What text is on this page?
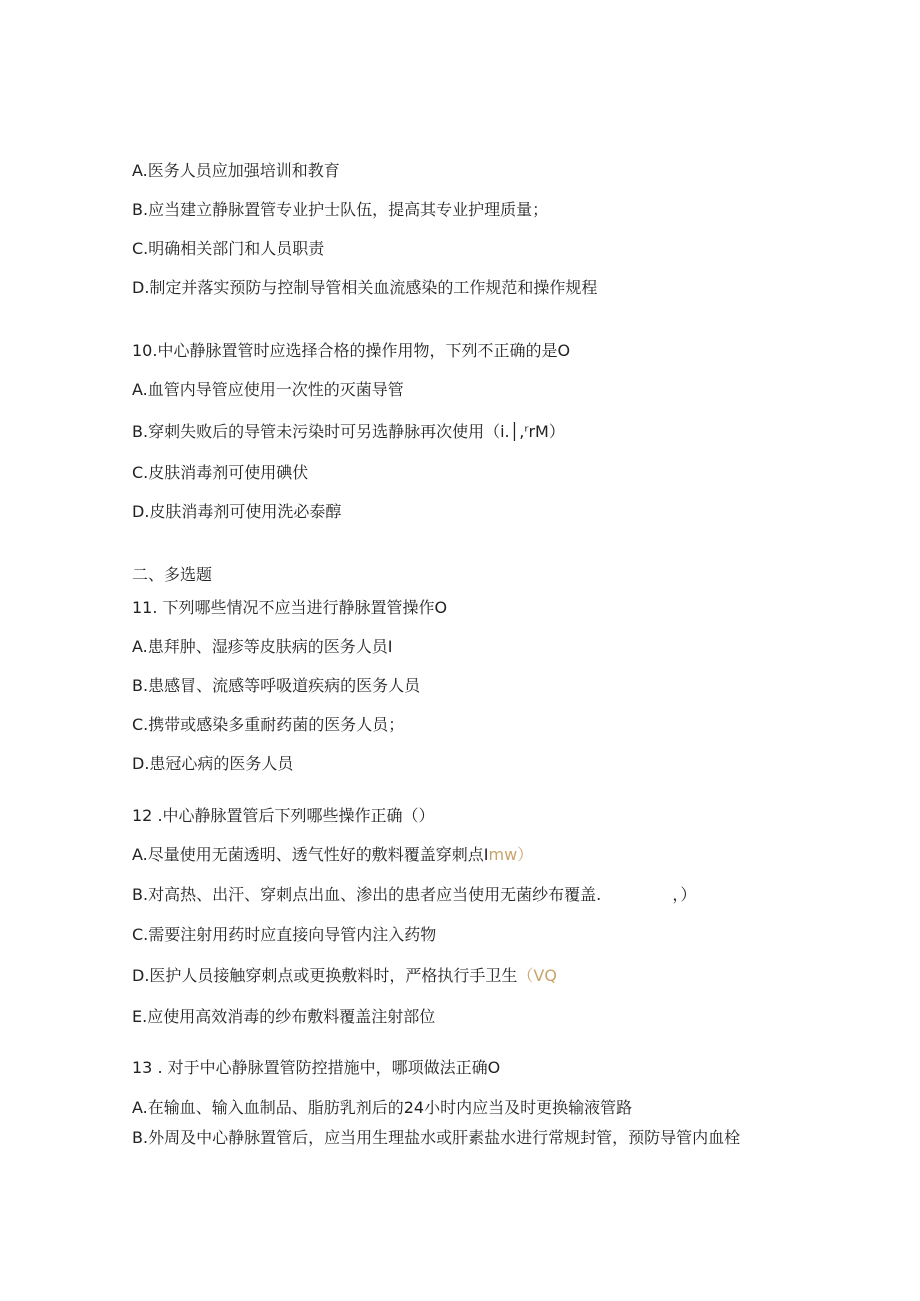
A.医务人员应加强培训和教育
B.应当建立静脉置管专业护士队伍，提高其专业护理质量；
C.明确相关部门和人员职责
D.制定并落实预防与控制导管相关血流感染的工作规范和操作规程
10.中心静脉置管时应选择合格的操作用物，下列不正确的是O
A.血管内导管应使用一次性的灭菌导管
B.穿刺失败后的导管未污染时可另选静脉再次使用（i.│,ʳrM）
C.皮肤消毒剂可使用碘伏
D.皮肤消毒剂可使用洗必泰醇
二、多选题
11. 下列哪些情况不应当进行静脉置管操作O
A.患拜肿、湿疹等皮肤病的医务人员I
B.患感冒、流感等呼吸道疾病的医务人员
C.携带或感染多重耐药菌的医务人员；
D.患冠心病的医务人员
12 .中心静脉置管后下列哪些操作正确（）
A.尽量使用无菌透明、透气性好的敷料覆盖穿刺点Imw）
B.对高热、出汗、穿刺点出血、渗出的患者应当使用无菌纱布覆盖.              ，）
C.需要注射用药时应直接向导管内注入药物
D.医护人员接触穿刺点或更换敷料时，严格执行手卫生（VQ
E.应使用高效消毒的纱布敷料覆盖注射部位
13 . 对于中心静脉置管防控措施中，哪项做法正确O
A.在输血、输入血制品、脂肪乳剂后的24小时内应当及时更换输液管路
B.外周及中心静脉置管后，应当用生理盐水或肝素盐水进行常规封管，预防导管内血栓
